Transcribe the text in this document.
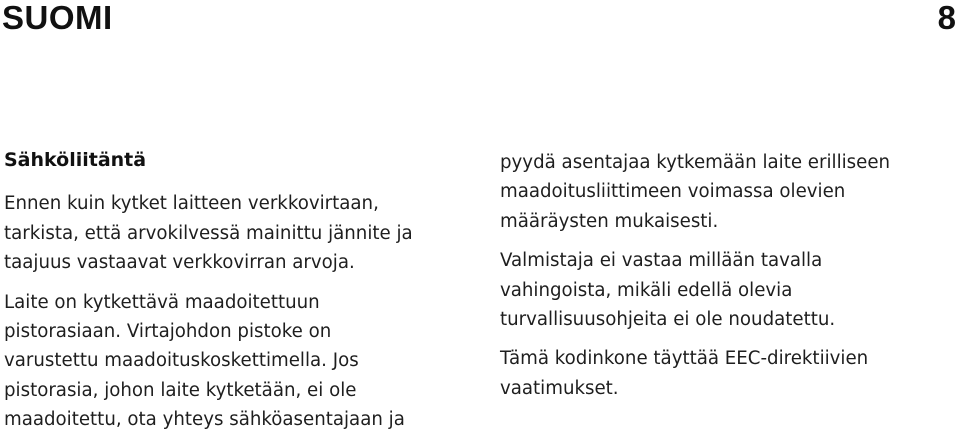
SUOMI	8
Sähköliitäntä
Ennen kuin kytket laitteen verkkovirtaan,
tarkista, että arvokilvessä mainittu jännite ja
taajuus vastaavat verkkovirran arvoja.
Laite on kytkettävä maadoitettuun
pistorasiaan. Virtajohdon pistoke on
varustettu maadoituskoskettimella. Jos
pistorasia, johon laite kytketään, ei ole
maadoitettu, ota yhteys sähköasentajaan ja
pyydä asentajaa kytkemään laite erilliseen
maadoitusliittimeen voimassa olevien
määräysten mukaisesti.
Valmistaja ei vastaa millään tavalla
vahingoista, mikäli edellä olevia
turvallisuusohjeita ei ole noudatettu.
Tämä kodinkone täyttää EEC-direktiivien
vaatimukset.
